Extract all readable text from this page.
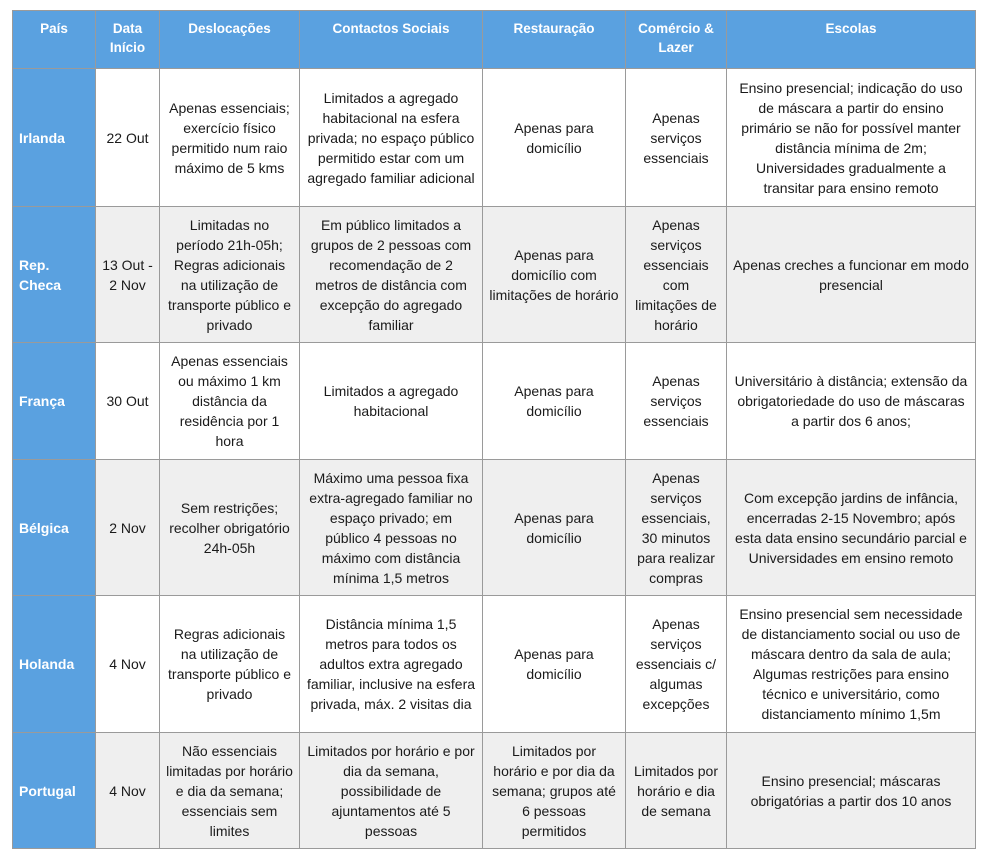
País	Data Início	Deslocações	Contactos Sociais	Restauração	Comércio & Lazer	Escolas
Irlanda	22 Out	Apenas essenciais; exercício físico permitido num raio máximo de 5 kms	Limitados a agregado habitacional na esfera privada; no espaço público permitido estar com um agregado familiar adicional	Apenas para domicílio	Apenas serviços essenciais	Ensino presencial; indicação do uso de máscara a partir do ensino primário se não for possível manter distância mínima de 2m; Universidades gradualmente a transitar para ensino remoto
Rep. Checa	13 Out - 2 Nov	Limitadas no período 21h-05h; Regras adicionais na utilização de transporte público e privado	Em público limitados a grupos de 2 pessoas com recomendação de 2 metros de distância com excepção do agregado familiar	Apenas para domicílio com limitações de horário	Apenas serviços essenciais com limitações de horário	Apenas creches a funcionar em modo presencial
França	30 Out	Apenas essenciais ou máximo 1 km distância da residência por 1 hora	Limitados a agregado habitacional	Apenas para domicílio	Apenas serviços essenciais	Universitário à distância; extensão da obrigatoriedade do uso de máscaras a partir dos 6 anos;
Bélgica	2 Nov	Sem restrições; recolher obrigatório 24h-05h	Máximo uma pessoa fixa extra-agregado familiar no espaço privado; em público 4 pessoas no máximo com distância mínima 1,5 metros	Apenas para domicílio	Apenas serviços essenciais, 30 minutos para realizar compras	Com excepção jardins de infância, encerradas 2-15 Novembro; após esta data ensino secundário parcial e Universidades em ensino remoto
Holanda	4 Nov	Regras adicionais na utilização de transporte público e privado	Distância mínima 1,5 metros para todos os adultos extra agregado familiar, inclusive na esfera privada, máx. 2 visitas dia	Apenas para domicílio	Apenas serviços essenciais c/ algumas excepções	Ensino presencial sem necessidade de distanciamento social ou uso de máscara dentro da sala de aula; Algumas restrições para ensino técnico e universitário, como distanciamento mínimo 1,5m
Portugal	4 Nov	Não essenciais limitadas por horário e dia da semana; essenciais sem limites	Limitados por horário e por dia da semana, possibilidade de ajuntamentos até 5 pessoas	Limitados por horário e por dia da semana; grupos até 6 pessoas permitidos	Limitados por horário e dia de semana	Ensino presencial; máscaras obrigatórias a partir dos 10 anos
